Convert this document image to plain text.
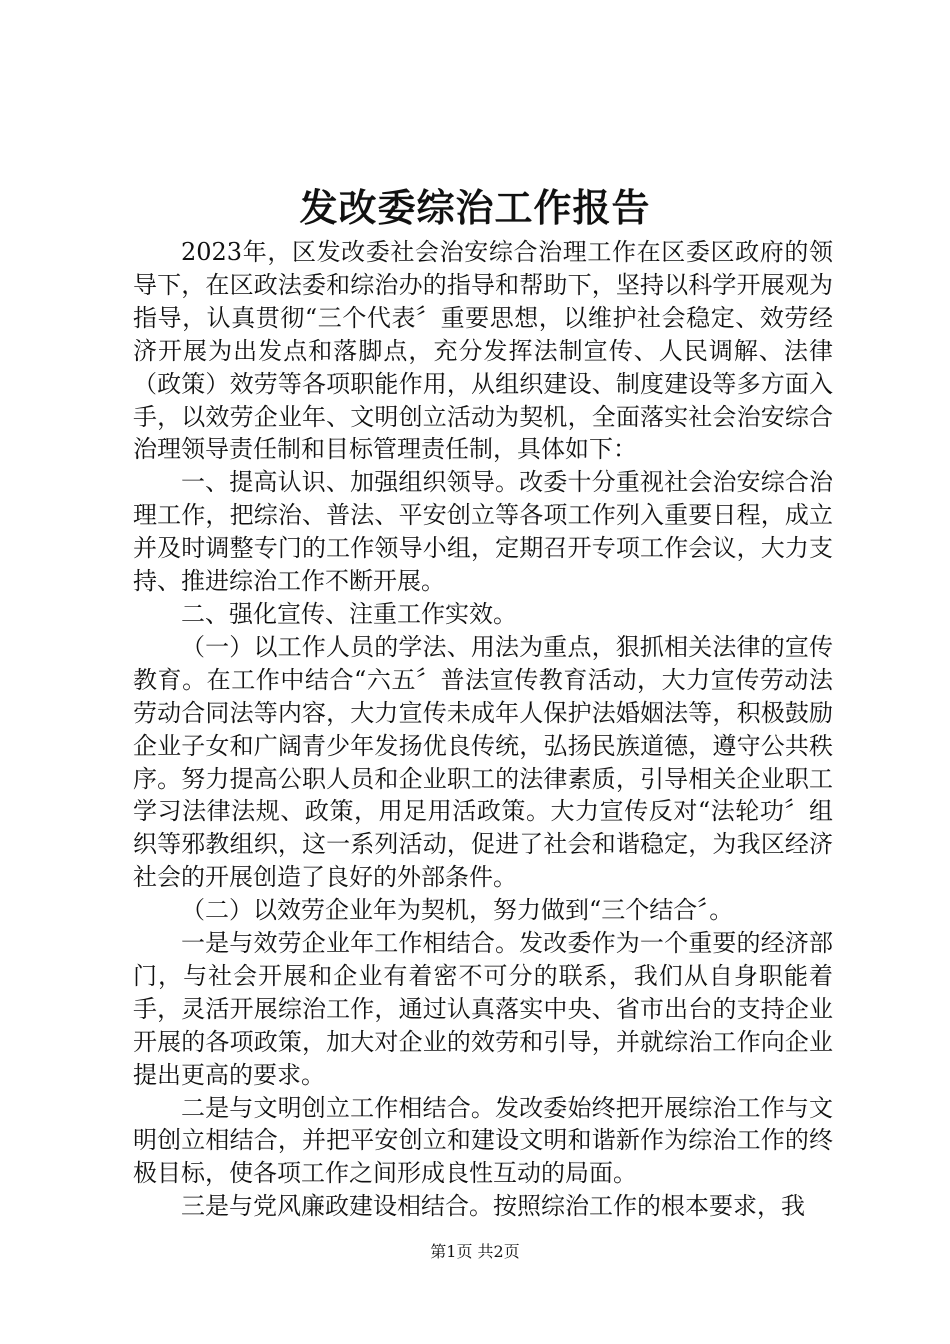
发改委综治工作报告

2023年，区发改委社会治安综合治理工作在区委区政府的领导下，在区政法委和综治办的指导和帮助下，坚持以科学开展观为指导，认真贯彻“三个代表〞重要思想，以维护社会稳定、效劳经济开展为出发点和落脚点，充分发挥法制宣传、人民调解、法律（政策）效劳等各项职能作用，从组织建设、制度建设等多方面入手，以效劳企业年、文明创立活动为契机，全面落实社会治安综合治理领导责任制和目标管理责任制，具体如下：

一、提高认识、加强组织领导。改委十分重视社会治安综合治理工作，把综治、普法、平安创立等各项工作列入重要日程，成立并及时调整专门的工作领导小组，定期召开专项工作会议，大力支持、推进综治工作不断开展。

二、强化宣传、注重工作实效。

（一）以工作人员的学法、用法为重点，狠抓相关法律的宣传教育。在工作中结合“六五〞普法宣传教育活动，大力宣传劳动法劳动合同法等内容，大力宣传未成年人保护法婚姻法等，积极鼓励企业子女和广阔青少年发扬优良传统，弘扬民族道德，遵守公共秩序。努力提高公职人员和企业职工的法律素质，引导相关企业职工学习法律法规、政策，用足用活政策。大力宣传反对“法轮功〞组织等邪教组织，这一系列活动，促进了社会和谐稳定，为我区经济社会的开展创造了良好的外部条件。

（二）以效劳企业年为契机，努力做到“三个结合〞。

一是与效劳企业年工作相结合。发改委作为一个重要的经济部门，与社会开展和企业有着密不可分的联系，我们从自身职能着手，灵活开展综治工作，通过认真落实中央、省市出台的支持企业开展的各项政策，加大对企业的效劳和引导，并就综治工作向企业提出更高的要求。

二是与文明创立工作相结合。发改委始终把开展综治工作与文明创立相结合，并把平安创立和建设文明和谐新作为综治工作的终极目标，使各项工作之间形成良性互动的局面。

三是与党风廉政建设相结合。按照综治工作的根本要求，我

第1页 共2页
